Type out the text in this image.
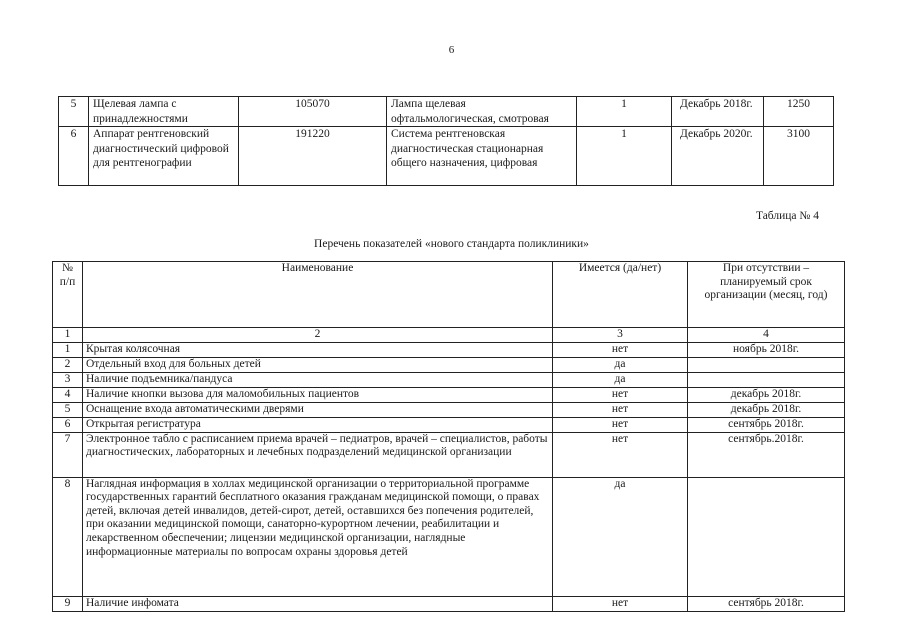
6
5	Щелевая лампа с принадлежностями	105070	Лампа щелевая офтальмологическая, смотровая	1	Декабрь 2018г.	1250
6	Аппарат рентгеновский диагностический цифровой для рентгенографии	191220	Система рентгеновская диагностическая стационарная общего назначения, цифровая	1	Декабрь 2020г.	3100
Таблица № 4
Перечень показателей «нового стандарта поликлиники»
№ п/п	Наименование	Имеется (да/нет)	При отсутствии – планируемый срок организации (месяц, год)
1	2	3	4
1	Крытая колясочная	нет	ноябрь 2018г.
2	Отдельный вход для больных детей	да	
3	Наличие подъемника/пандуса	да	
4	Наличие кнопки вызова для маломобильных пациентов	нет	декабрь 2018г.
5	Оснащение входа автоматическими дверями	нет	декабрь 2018г.
6	Открытая регистратура	нет	сентябрь 2018г.
7	Электронное табло с расписанием приема врачей – педиатров, врачей – специалистов, работы диагностических, лабораторных и лечебных подразделений медицинской организации	нет	сентябрь.2018г.
8	Наглядная информация в холлах медицинской организации о территориальной программе государственных гарантий бесплатного оказания гражданам медицинской помощи, о правах детей, включая детей инвалидов, детей-сирот, детей, оставшихся без попечения родителей, при оказании медицинской помощи, санаторно-курортном лечении, реабилитации и лекарственном обеспечении; лицензии медицинской организации, наглядные информационные материалы по вопросам охраны здоровья детей	да	
9	Наличие инфомата	нет	сентябрь 2018г.
